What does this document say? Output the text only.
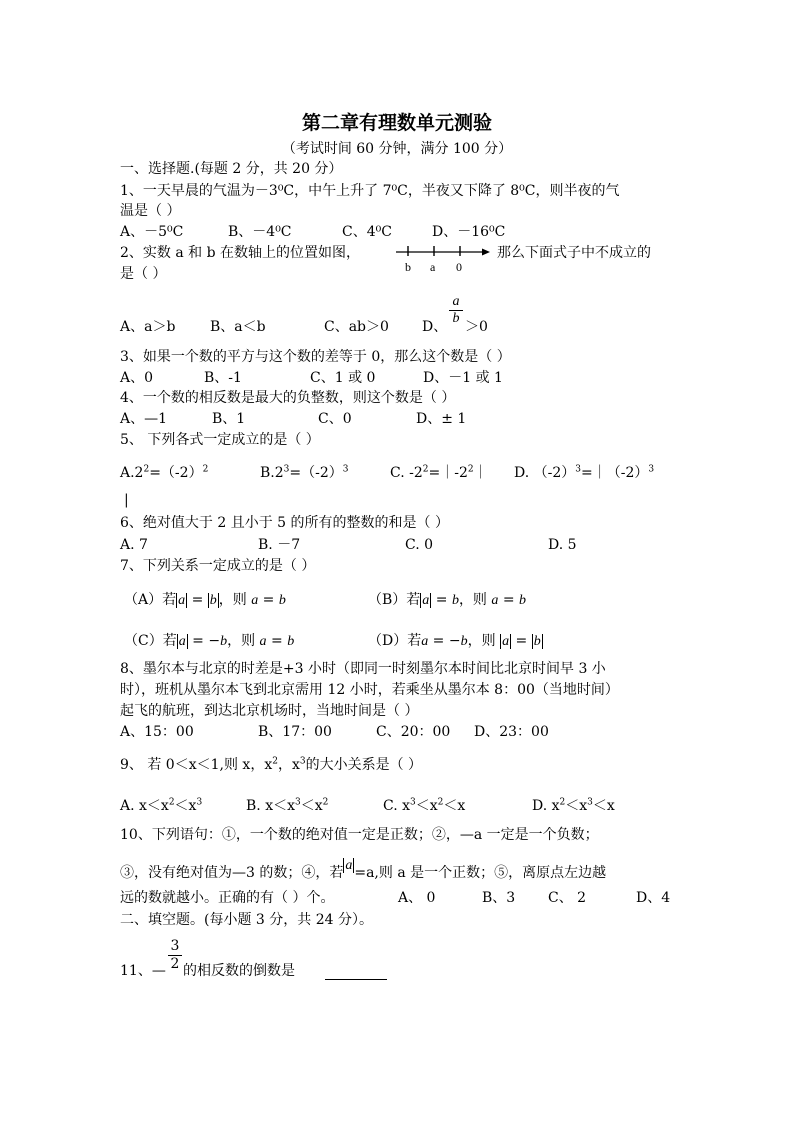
第二章有理数单元测验
（考试时间 60 分钟，满分 100 分）
一、选择题.(每题 2 分，共 20 分）
1、一天早晨的气温为－3⁰C，中午上升了 7⁰C，半夜又下降了 8⁰C，则半夜的气
温是（ ）
A、－5⁰C	B、－4⁰C	C、4⁰C	D、－16⁰C
2、实数 a 和 b 在数轴上的位置如图，
b a 0
那么下面式子中不成立的
是（ ）
A、a＞b B、a＜b	C、ab＞0 D、
a
b
＞0
3、如果一个数的平方与这个数的差等于 0，那么这个数是（ ）
A、0	B、-1	C、1 或 0	D、－1 或 1
4、一个数的相反数是最大的负整数，则这个数是（ ）
A、—1	B、1	C、0	D、± 1
5、 下列各式一定成立的是（ ）
$A.2^2=(-2)^2$	$B.2^3=(-2)^3$	C. $-2^2=|-2^2|$ D. $(-2)^3=|(-2)^3$
|
6、绝对值大于 2 且小于 5 的所有的整数的和是（ ）
A. 7	B. －7	C. 0	D. 5
7、下列关系一定成立的是（ ）
（A）若 a = b ，则 a = b	（B）若 a = b，则 a = b
（C）若 a = −b，则 a = b	（D）若a = −b，则 a = b
8、墨尔本与北京的时差是+3 小时（即同一时刻墨尔本时间比北京时间早 3 小
时），班机从墨尔本飞到北京需用 12 小时，若乘坐从墨尔本 8：00（当地时间）
起飞的航班，到达北京机场时，当地时间是（ ）
A、15：00	B、17：00	C、20：00 D、23：00
9、 若 0＜x＜1,则 x，$x^2$，$x^3$的大小关系是（ ）
A. $x<x^2<x^3$	B. $x<x^3<x^2$	C. $x^3<x^2<x$	D. $x^2<x^3<x$
10、下列语句：①，一个数的绝对值一定是正数；②，—a 一定是一个负数；
③，没有绝对值为—3 的数；④，若 a =a,则 a 是一个正数；⑤，离原点左边越
远的数就越小。正确的有（ ）个。	A、 0	B、3 C、 2	D、4
二、填空题。(每小题 3 分，共 24 分）。
11、— $\frac{3}{2}$ 的相反数的倒数是
